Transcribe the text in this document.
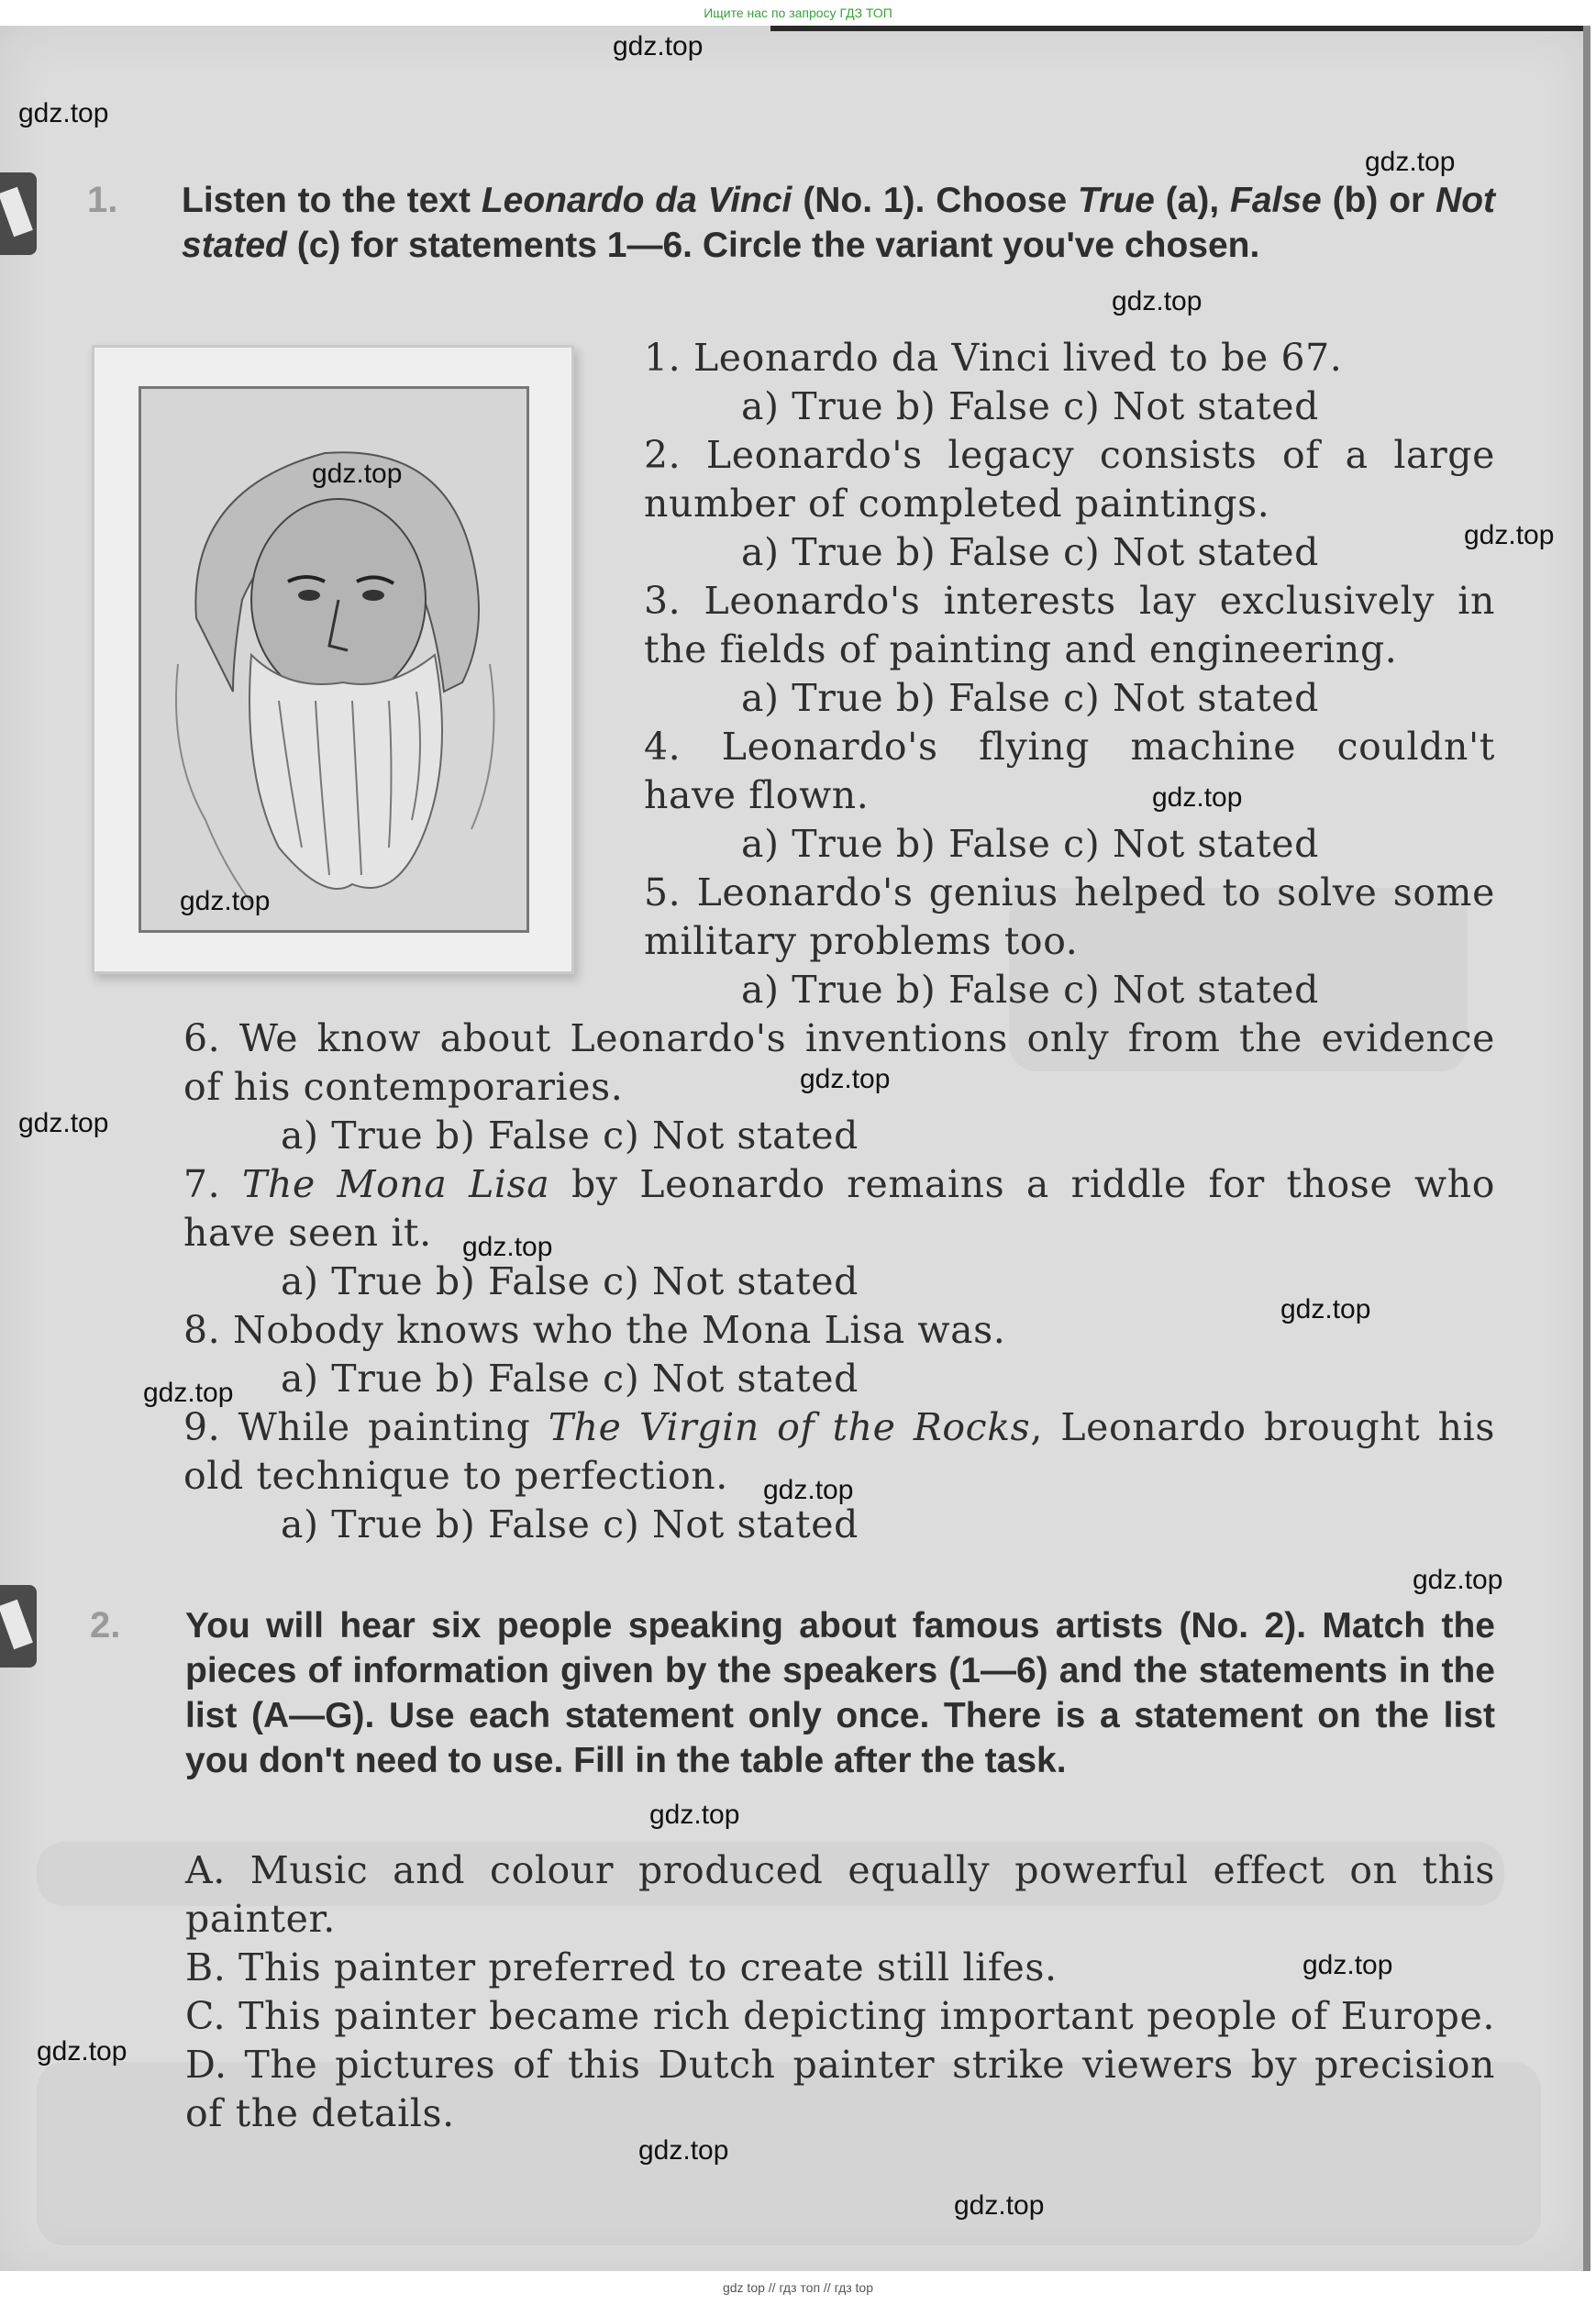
Ищите нас по запросу ГДЗ ТОП
1. Listen to the text Leonardo da Vinci (No. 1). Choose True (a), False (b) or Not stated (c) for statements 1—6. Circle the variant you've chosen.
1. Leonardo da Vinci lived to be 67.
a) True b) False c) Not stated
2. Leonardo's legacy consists of a large
number of completed paintings.
a) True b) False c) Not stated
3. Leonardo's interests lay exclusively in
the fields of painting and engineering.
a) True b) False c) Not stated
4. Leonardo's flying machine couldn't
have flown.
a) True b) False c) Not stated
5. Leonardo's genius helped to solve some
military problems too.
a) True b) False c) Not stated
6. We know about Leonardo's inventions only from the evidence
of his contemporaries.
a) True b) False c) Not stated
7. The Mona Lisa by Leonardo remains a riddle for those who
have seen it.
a) True b) False c) Not stated
8. Nobody knows who the Mona Lisa was.
a) True b) False c) Not stated
9. While painting The Virgin of the Rocks, Leonardo brought his
old technique to perfection.
a) True b) False c) Not stated
2. You will hear six people speaking about famous artists (No. 2). Match the pieces of information given by the speakers (1—6) and the statements in the list (A—G). Use each statement only once. There is a statement on the list you don't need to use. Fill in the table after the task.
A. Music and colour produced equally powerful effect on this
painter.
B. This painter preferred to create still lifes.
C. This painter became rich depicting important people of Europe.
D. The pictures of this Dutch painter strike viewers by precision
of the details.
gdz.top
gdz.top
gdz.top
gdz.top
gdz.top
gdz.top
gdz.top
gdz.top
gdz.top
gdz.top
gdz.top
gdz.top
gdz.top
gdz.top
gdz.top
gdz.top
gdz.top
gdz.top
gdz.top
gdz.top
gdz top // гдз топ // гдз top
